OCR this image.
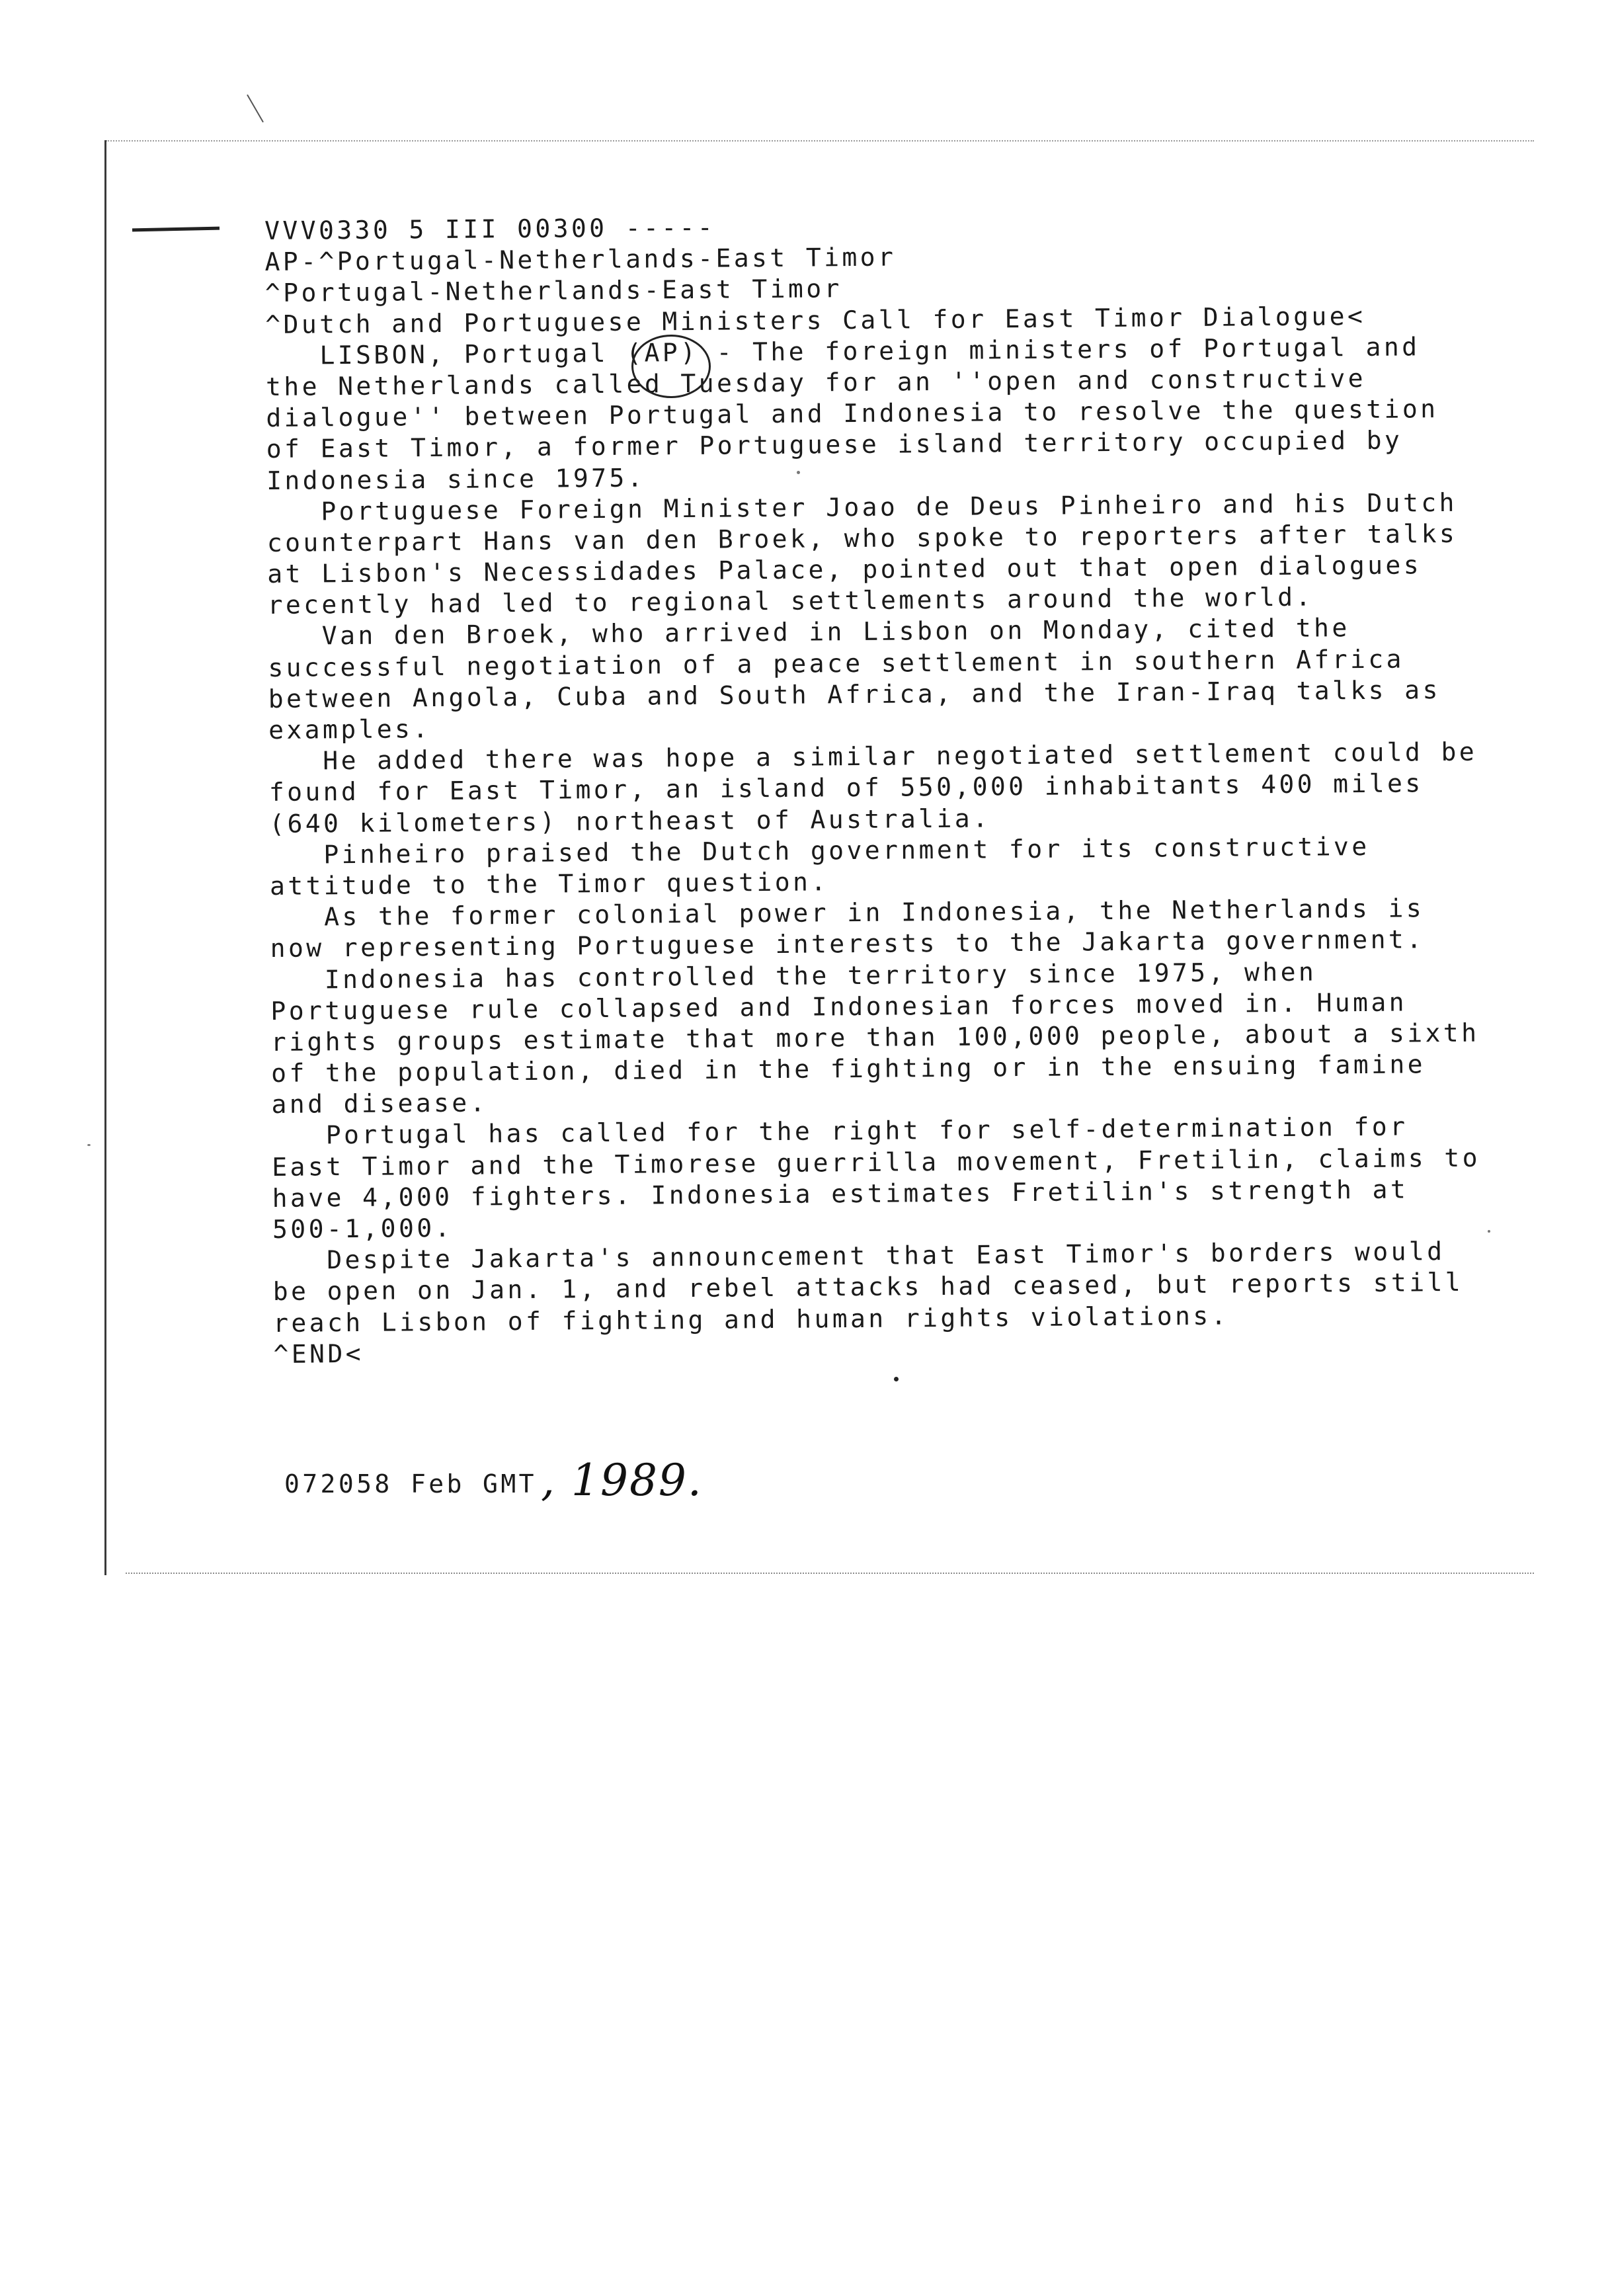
VVV0330 5 III 00300 -----
AP-^Portugal-Netherlands-East Timor
^Portugal-Netherlands-East Timor
^Dutch and Portuguese Ministers Call for East Timor Dialogue<
LISBON, Portugal (AP) - The foreign ministers of Portugal and
the Netherlands called Tuesday for an ''open and constructive
dialogue'' between Portugal and Indonesia to resolve the question
of East Timor, a former Portuguese island territory occupied by
Indonesia since 1975.
Portuguese Foreign Minister Joao de Deus Pinheiro and his Dutch
counterpart Hans van den Broek, who spoke to reporters after talks
at Lisbon's Necessidades Palace, pointed out that open dialogues
recently had led to regional settlements around the world.
Van den Broek, who arrived in Lisbon on Monday, cited the
successful negotiation of a peace settlement in southern Africa
between Angola, Cuba and South Africa, and the Iran-Iraq talks as
examples.
He added there was hope a similar negotiated settlement could be
found for East Timor, an island of 550,000 inhabitants 400 miles
(640 kilometers) northeast of Australia.
Pinheiro praised the Dutch government for its constructive
attitude to the Timor question.
As the former colonial power in Indonesia, the Netherlands is
now representing Portuguese interests to the Jakarta government.
Indonesia has controlled the territory since 1975, when
Portuguese rule collapsed and Indonesian forces moved in. Human
rights groups estimate that more than 100,000 people, about a sixth
of the population, died in the fighting or in the ensuing famine
and disease.
Portugal has called for the right for self-determination for
East Timor and the Timorese guerrilla movement, Fretilin, claims to
have 4,000 fighters. Indonesia estimates Fretilin's strength at
500-1,000.
Despite Jakarta's announcement that East Timor's borders would
be open on Jan. 1, and rebel attacks had ceased, but reports still
reach Lisbon of fighting and human rights violations.
^END<
072058 Feb GMT , 1989.
